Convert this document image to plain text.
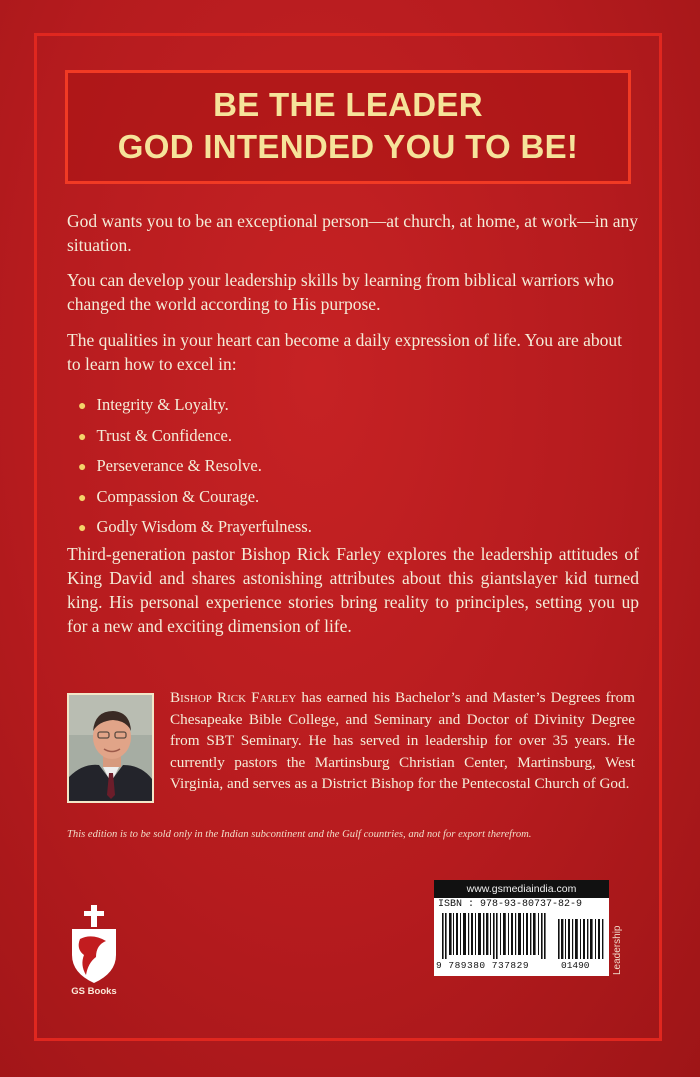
BE THE LEADER
GOD INTENDED YOU TO BE!

God wants you to be an exceptional person—at church, at home, at work—in any situation.

You can develop your leadership skills by learning from biblical warriors who changed the world according to His purpose.

The qualities in your heart can become a daily expression of life. You are about to learn how to excel in:

● Integrity & Loyalty.
● Trust & Confidence.
● Perseverance & Resolve.
● Compassion & Courage.
● Godly Wisdom & Prayerfulness.

Third-generation pastor Bishop Rick Farley explores the leadership attitudes of King David and shares astonishing attributes about this giantslayer kid turned king. His personal experience stories bring reality to principles, setting you up for a new and exciting dimension of life.

Bishop Rick Farley has earned his Bachelor’s and Master’s Degrees from Chesapeake Bible College, and Seminary and Doctor of Divinity Degree from SBT Seminary. He has served in leadership for over 35 years. He currently pastors the Martinsburg Christian Center, Martinsburg, West Virginia, and serves as a District Bishop for the Pentecostal Church of God.

This edition is to be sold only in the Indian subcontinent and the Gulf countries, and not for export therefrom.
GS Books
www.gsmediaindia.com
ISBN : 978-93-80737-82-9
9 789380 737829	01490 Leadership
